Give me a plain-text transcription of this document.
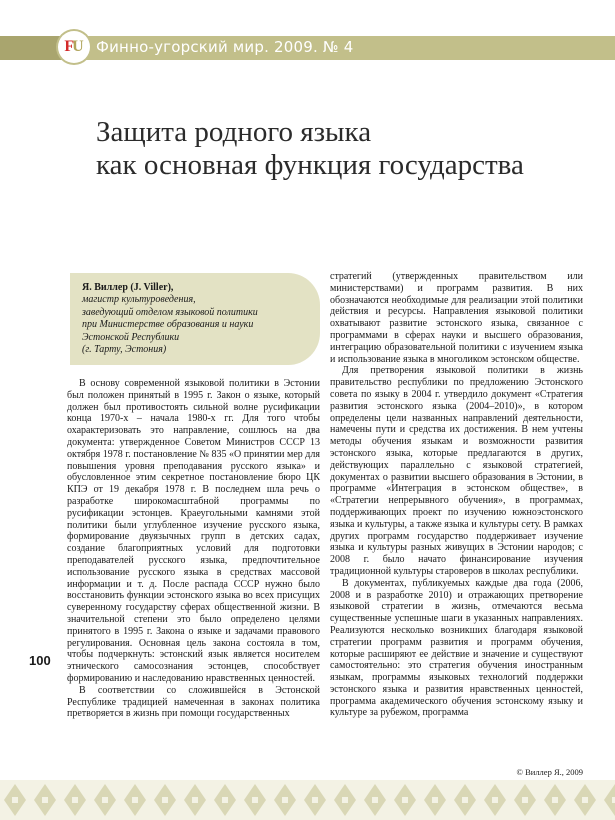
F
U Финно-угорский мир. 2009. № 4
Защита родного языка
как основная функция государства
Я. Виллер (J. Viller),
магистр культуроведения,
заведующий отделом языковой политики
при Министерстве образования и науки
Эстонской Республики
(г. Тарту, Эстония)

В основу современной языковой политики в Эстонии был положен принятый в 1995 г. Закон о языке, который должен был противостоять сильной волне русификации конца 1970-х – начала 1980-х гг. Для того чтобы охарактеризовать это направление, сошлюсь на два документа: утвержденное Советом Министров СССР 13 октября 1978 г. постановление № 835 «О принятии мер для повышения уровня преподавания русского языка» и обусловленное этим секретное постановление бюро ЦК КПЭ от 19 декабря 1978 г. В последнем шла речь о разработке широкомасштабной программы по русификации эстонцев. Краеугольными камнями этой политики были углубленное изучение русского языка, формирование двуязычных групп в детских садах, создание благоприятных условий для подготовки преподавателей русского языка, предпочтительное использование русского языка в средствах массовой информации и т. д. После распада СССР нужно было восстановить функции эстонского языка во всех присущих суверенному государству сферах общественной жизни. В значительной степени это было определено целями принятого в 1995 г. Закона о языке и задачами правового регулирования. Основная цель закона состояла в том, чтобы подчеркнуть: эстонский язык является носителем этнического самосознания эстонцев, способствует формированию и наследованию нравственных ценностей.

В соответствии со сложившейся в Эстонской Республике традицией намеченная в законах политика претворяется в жизнь при помощи государственных

стратегий (утвержденных правительством или министерствами) и программ развития. В них обозначаются необходимые для реализации этой политики действия и ресурсы. Направления языковой политики охватывают развитие эстонского языка, связанное с программами в сферах науки и высшего образования, интеграцию образовательной политики с изучением языка и использование языка в многоликом эстонском обществе.

Для претворения языковой политики в жизнь правительство республики по предложению Эстонского совета по языку в 2004 г. утвердило документ «Стратегия развития эстонского языка (2004–2010)», в котором определены цели названных направлений деятельности, намечены пути и средства их достижения. В нем учтены методы обучения языкам и возможности развития эстонского языка, которые предлагаются в других, действующих параллельно с языковой стратегией, документах о развитии высшего образования в Эстонии, в программе «Интеграция в эстонском обществе», в «Стратегии непрерывного обучения», в программах, поддерживающих проект по изучению южноэстонского языка и культуры, а также языка и культуры сету. В рамках других программ государство поддерживает изучение языка и культуры разных живущих в Эстонии народов; с 2008 г. было начато финансирование изучения традиционной культуры староверов в школах республики.

В документах, публикуемых каждые два года (2006, 2008 и в разработке 2010) и отражающих претворение языковой стратегии в жизнь, отмечаются весьма существенные успешные шаги в указанных направлениях. Реализуются несколько возникших благодаря языковой стратегии программ развития и программ обучения, которые расширяют ее действие и значение и существуют самостоятельно: это стратегия обучения иностранным языкам, программы языковых технологий поддержки эстонского языка и развития нравственных ценностей, программа академического обучения эстонскому языку и культуре за рубежом, программа

100
© Виллер Я., 2009
